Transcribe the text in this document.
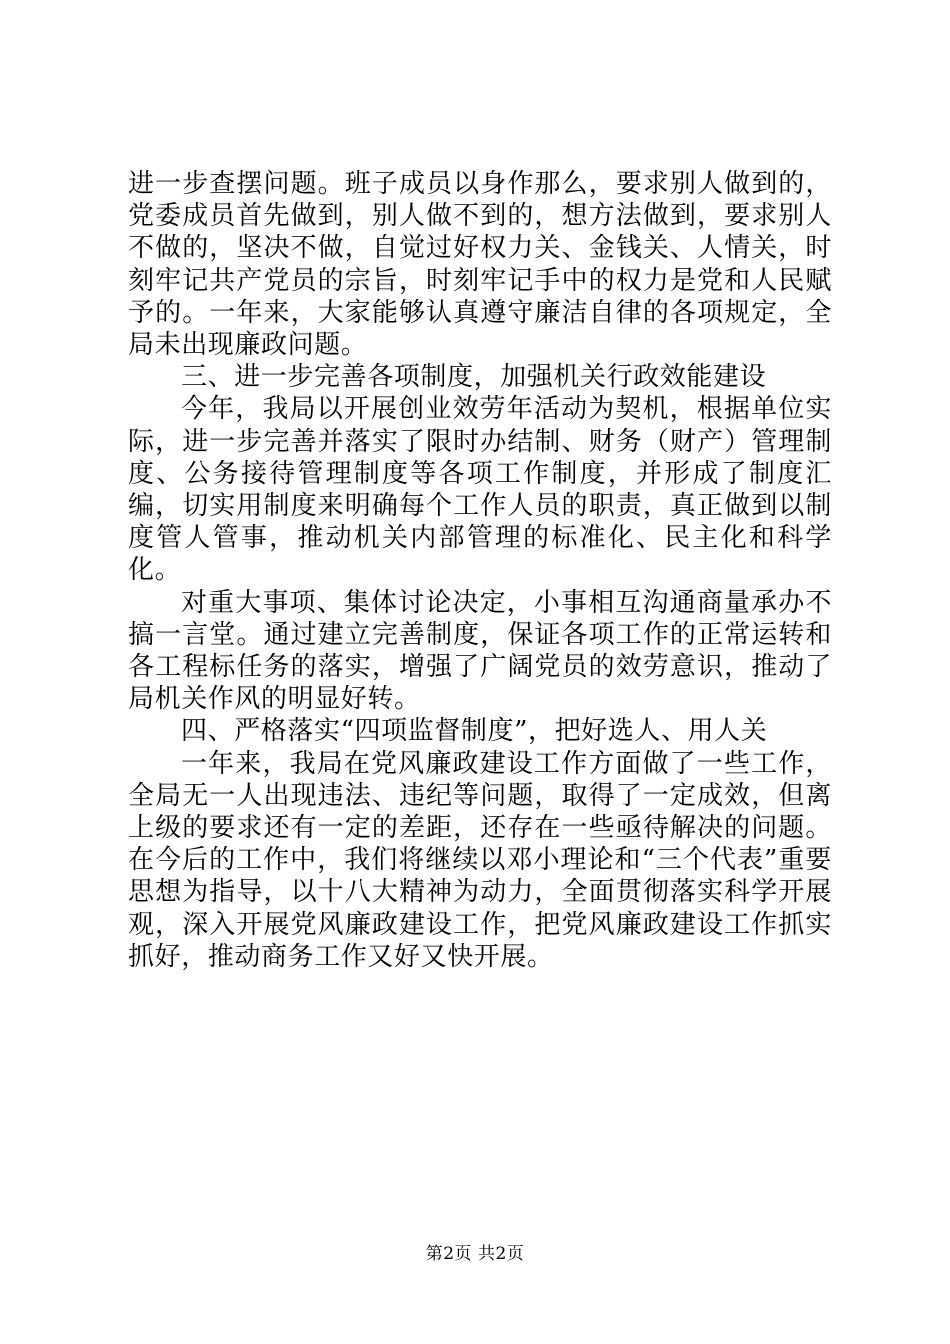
进一步查摆问题。班子成员以身作那么，要求别人做到的，党委成员首先做到，别人做不到的，想方法做到，要求别人不做的，坚决不做，自觉过好权力关、金钱关、人情关，时刻牢记共产党员的宗旨，时刻牢记手中的权力是党和人民赋予的。一年来，大家能够认真遵守廉洁自律的各项规定，全局未出现廉政问题。

三、进一步完善各项制度，加强机关行政效能建设

今年，我局以开展创业效劳年活动为契机，根据单位实际，进一步完善并落实了限时办结制、财务（财产）管理制度、公务接待管理制度等各项工作制度，并形成了制度汇编，切实用制度来明确每个工作人员的职责，真正做到以制度管人管事，推动机关内部管理的标准化、民主化和科学化。

对重大事项、集体讨论决定，小事相互沟通商量承办不搞一言堂。通过建立完善制度，保证各项工作的正常运转和各工程标任务的落实，增强了广阔党员的效劳意识，推动了局机关作风的明显好转。

四、严格落实“四项监督制度”，把好选人、用人关

一年来，我局在党风廉政建设工作方面做了一些工作，全局无一人出现违法、违纪等问题，取得了一定成效，但离上级的要求还有一定的差距，还存在一些亟待解决的问题。在今后的工作中，我们将继续以邓小理论和“三个代表”重要思想为指导，以十八大精神为动力，全面贯彻落实科学开展观，深入开展党风廉政建设工作，把党风廉政建设工作抓实抓好，推动商务工作又好又快开展。

第2页 共2页
